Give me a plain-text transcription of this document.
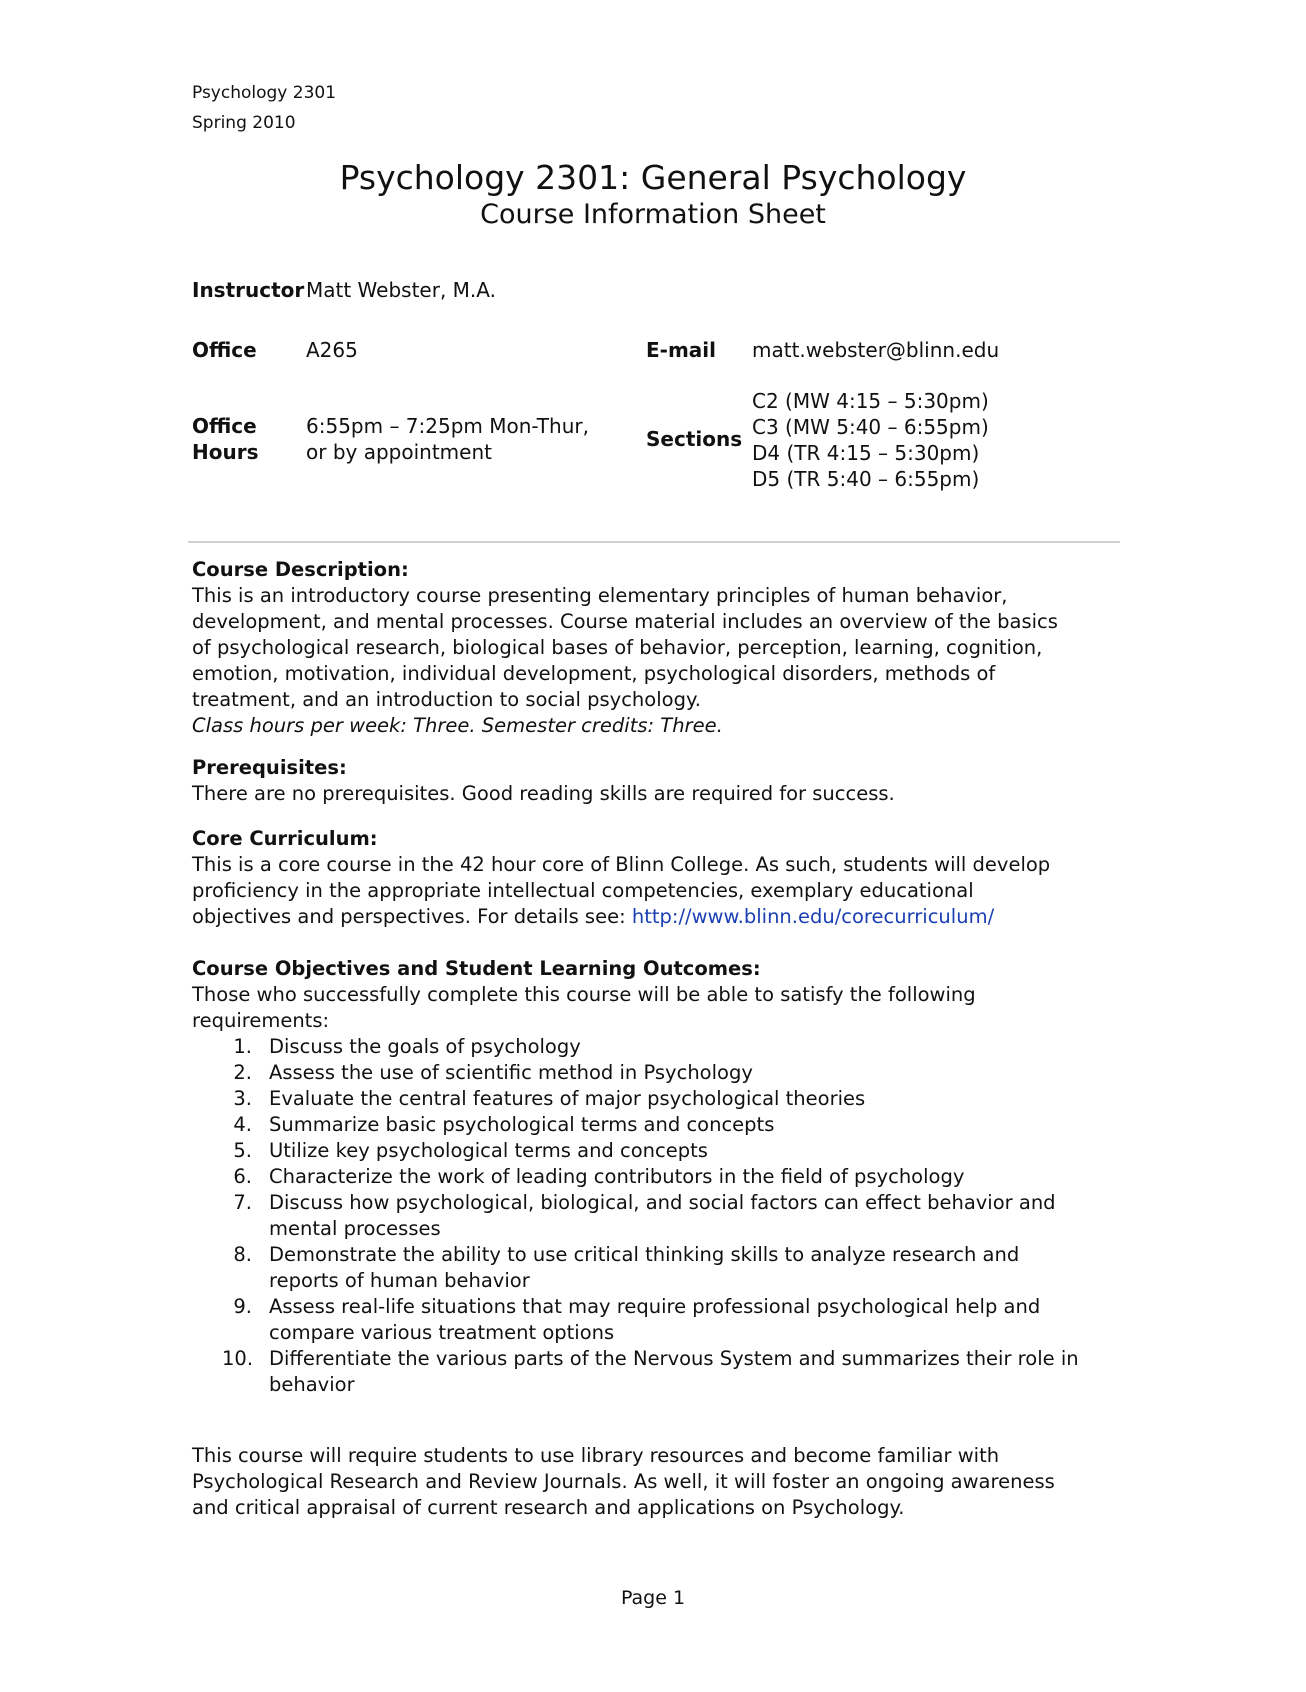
Psychology 2301
Spring 2010
Psychology 2301: General Psychology
Course Information Sheet
Instructor Matt Webster, M.A.
Office A265	E-mail matt.webster@blinn.edu
Office
Hours
6:55pm – 7:25pm Mon-Thur,
or by appointment
Sections
C2 (MW 4:15 – 5:30pm)
C3 (MW 5:40 – 6:55pm)
D4 (TR 4:15 – 5:30pm)
D5 (TR 5:40 – 6:55pm)
Course Description:
This is an introductory course presenting elementary principles of human behavior,
development, and mental processes. Course material includes an overview of the basics
of psychological research, biological bases of behavior, perception, learning, cognition,
emotion, motivation, individual development, psychological disorders, methods of
treatment, and an introduction to social psychology.
Class hours per week: Three. Semester credits: Three.
Prerequisites:
There are no prerequisites. Good reading skills are required for success.
Core Curriculum:
This is a core course in the 42 hour core of Blinn College. As such, students will develop
proficiency in the appropriate intellectual competencies, exemplary educational
objectives and perspectives. For details see: http://www.blinn.edu/corecurriculum/
Course Objectives and Student Learning Outcomes:
Those who successfully complete this course will be able to satisfy the following
requirements:
1. Discuss the goals of psychology
2. Assess the use of scientific method in Psychology
3. Evaluate the central features of major psychological theories
4. Summarize basic psychological terms and concepts
5. Utilize key psychological terms and concepts
6. Characterize the work of leading contributors in the field of psychology
7. Discuss how psychological, biological, and social factors can effect behavior and
mental processes
8. Demonstrate the ability to use critical thinking skills to analyze research and
reports of human behavior
9. Assess real-life situations that may require professional psychological help and
compare various treatment options
10. Differentiate the various parts of the Nervous System and summarizes their role in
behavior
This course will require students to use library resources and become familiar with
Psychological Research and Review Journals. As well, it will foster an ongoing awareness
and critical appraisal of current research and applications on Psychology.
Page 1
